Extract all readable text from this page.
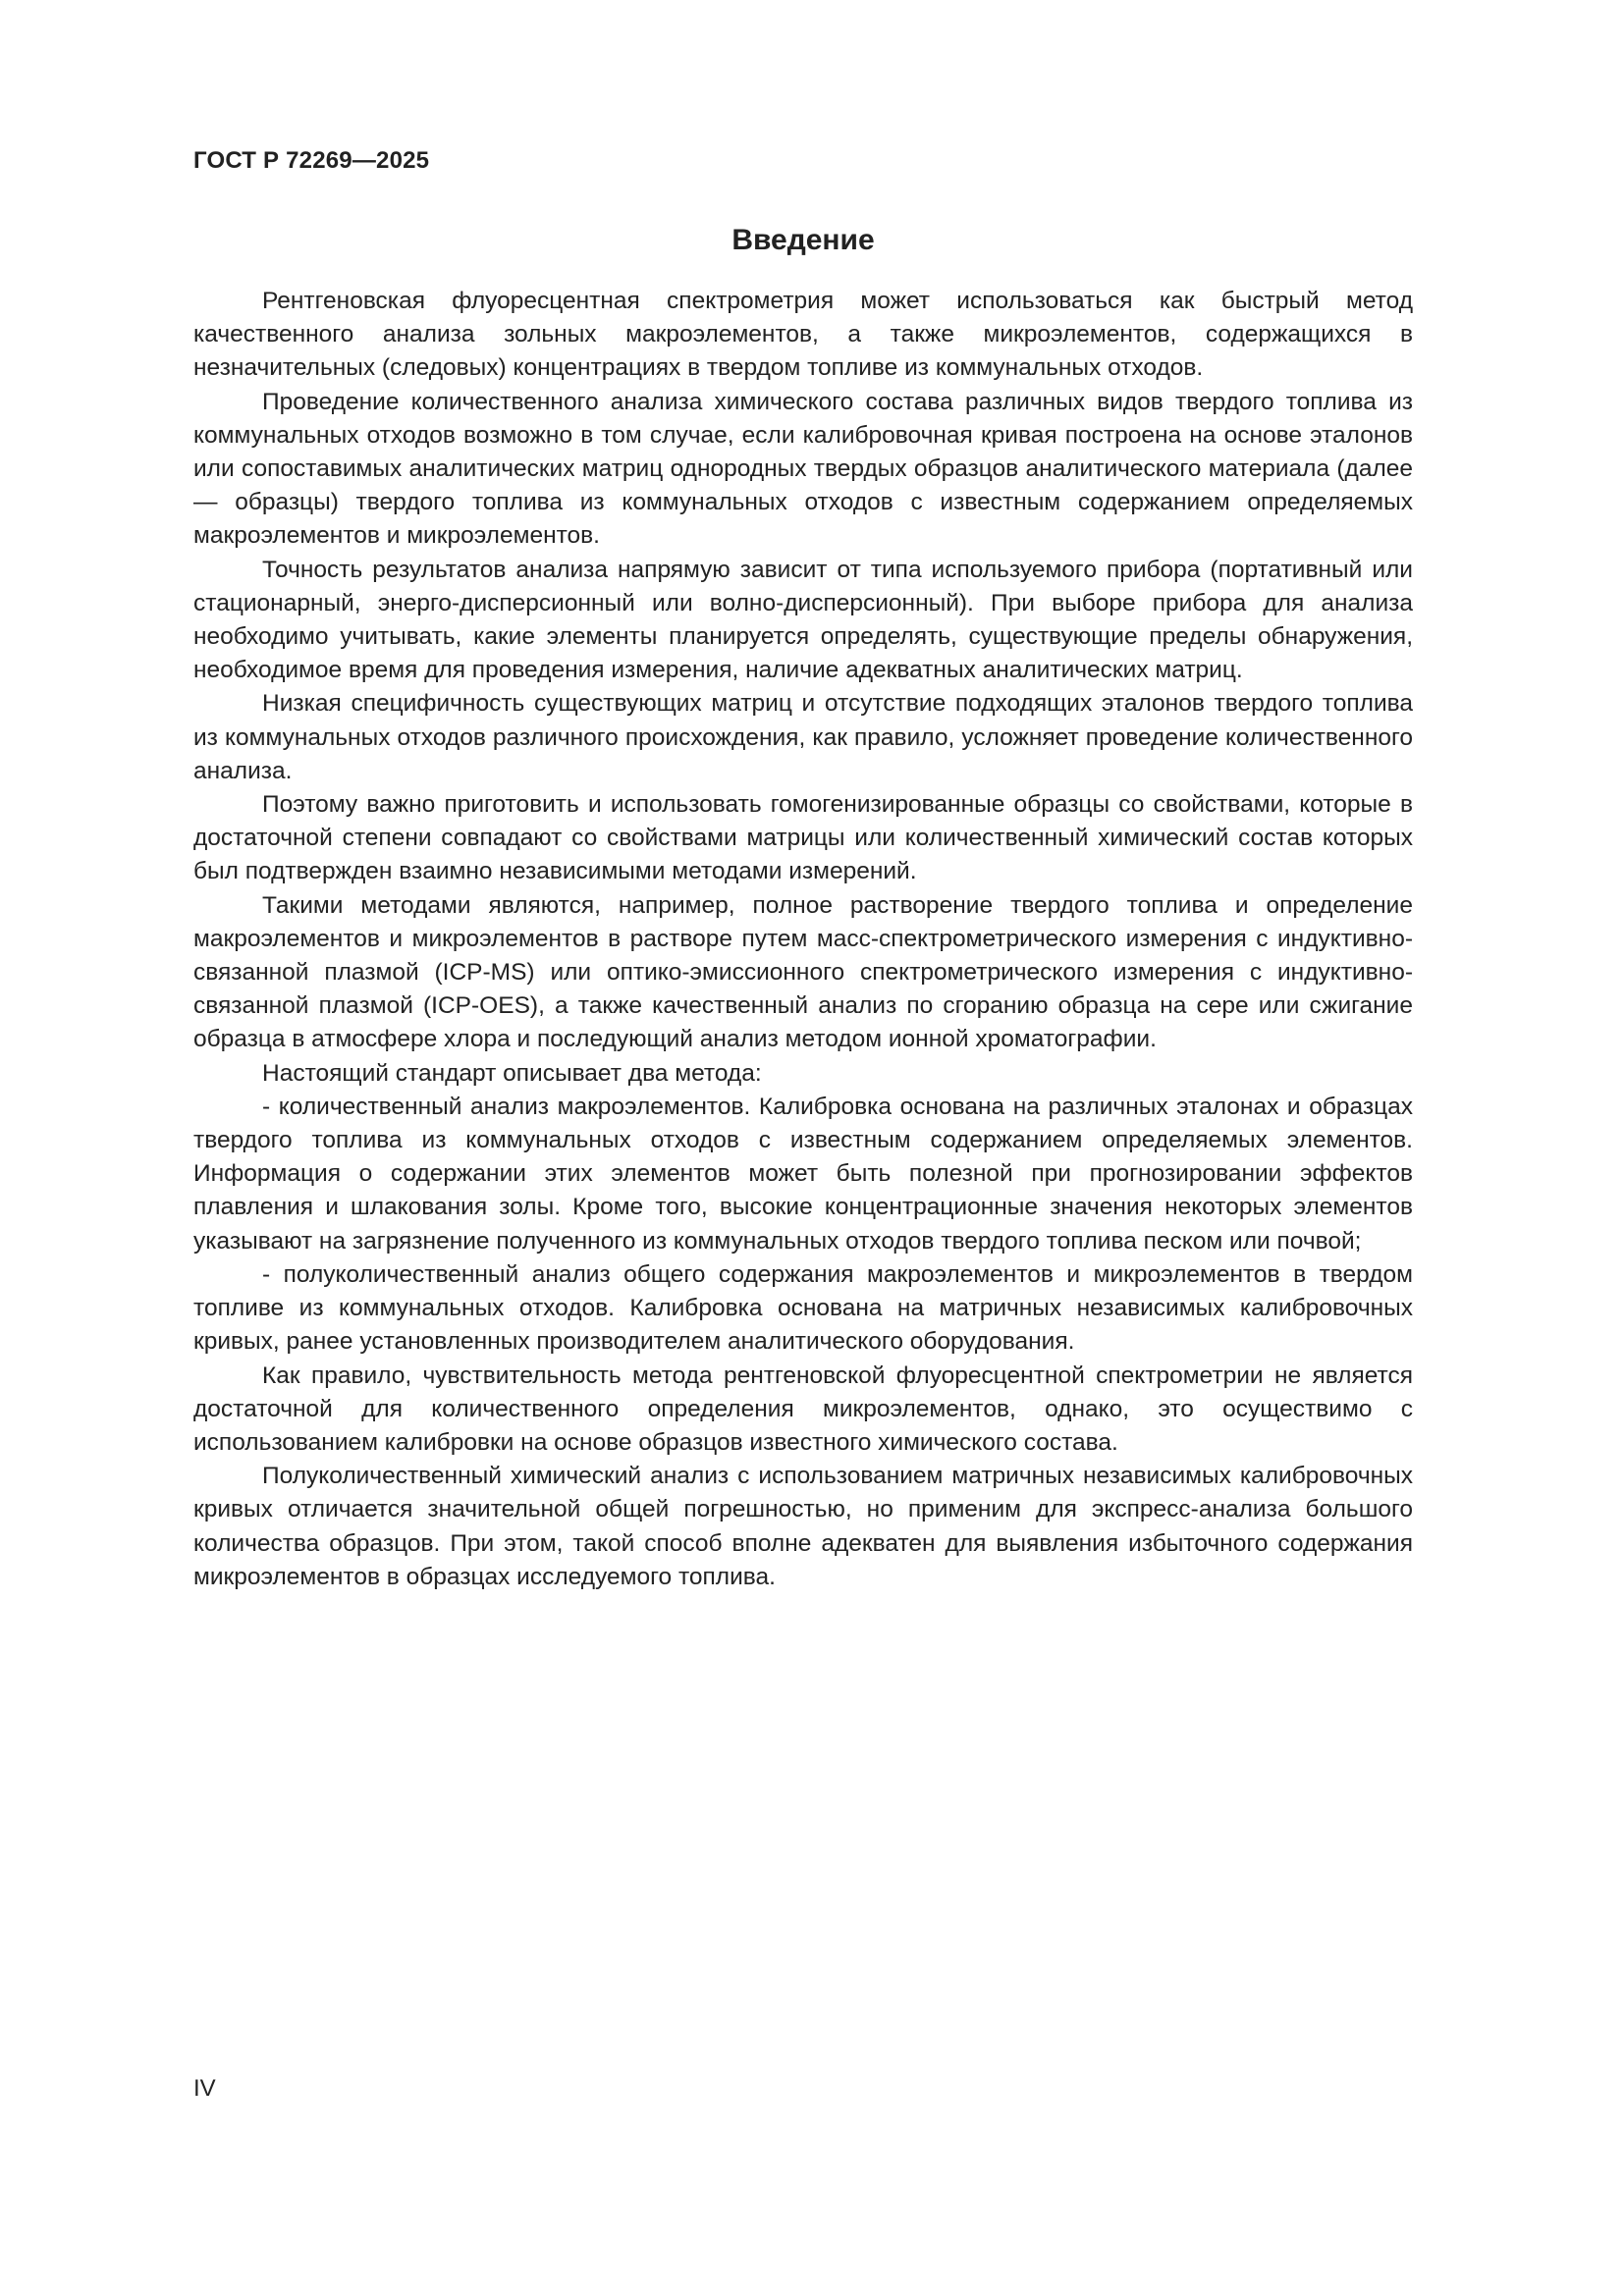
ГОСТ Р 72269—2025
Введение

Рентгеновская флуоресцентная спектрометрия может использоваться как быстрый метод качественного анализа зольных макроэлементов, а также микроэлементов, содержащихся в незначительных (следовых) концентрациях в твердом топливе из коммунальных отходов.

Проведение количественного анализа химического состава различных видов твердого топлива из коммунальных отходов возможно в том случае, если калибровочная кривая построена на основе эталонов или сопоставимых аналитических матриц однородных твердых образцов аналитического материала (далее — образцы) твердого топлива из коммунальных отходов с известным содержанием определяемых макроэлементов и микроэлементов.

Точность результатов анализа напрямую зависит от типа используемого прибора (портативный или стационарный, энерго-дисперсионный или волно-дисперсионный). При выборе прибора для анализа необходимо учитывать, какие элементы планируется определять, существующие пределы обнаружения, необходимое время для проведения измерения, наличие адекватных аналитических матриц.

Низкая специфичность существующих матриц и отсутствие подходящих эталонов твердого топлива из коммунальных отходов различного происхождения, как правило, усложняет проведение количественного анализа.

Поэтому важно приготовить и использовать гомогенизированные образцы со свойствами, которые в достаточной степени совпадают со свойствами матрицы или количественный химический состав которых был подтвержден взаимно независимыми методами измерений.

Такими методами являются, например, полное растворение твердого топлива и определение макроэлементов и микроэлементов в растворе путем масс-спектрометрического измерения с индуктивно-связанной плазмой (ICP-MS) или оптико-эмиссионного спектрометрического измерения с индуктивно-связанной плазмой (ICP-OES), а также качественный анализ по сгоранию образца на сере или сжигание образца в атмосфере хлора и последующий анализ методом ионной хроматографии.

Настоящий стандарт описывает два метода:

- количественный анализ макроэлементов. Калибровка основана на различных эталонах и образцах твердого топлива из коммунальных отходов с известным содержанием определяемых элементов. Информация о содержании этих элементов может быть полезной при прогнозировании эффектов плавления и шлакования золы. Кроме того, высокие концентрационные значения некоторых элементов указывают на загрязнение полученного из коммунальных отходов твердого топлива песком или почвой;

- полуколичественный анализ общего содержания макроэлементов и микроэлементов в твердом топливе из коммунальных отходов. Калибровка основана на матричных независимых калибровочных кривых, ранее установленных производителем аналитического оборудования.

Как правило, чувствительность метода рентгеновской флуоресцентной спектрометрии не является достаточной для количественного определения микроэлементов, однако, это осуществимо с использованием калибровки на основе образцов известного химического состава.

Полуколичественный химический анализ с использованием матричных независимых калибровочных кривых отличается значительной общей погрешностью, но применим для экспресс-анализа большого количества образцов. При этом, такой способ вполне адекватен для выявления избыточного содержания микроэлементов в образцах исследуемого топлива.

IV
